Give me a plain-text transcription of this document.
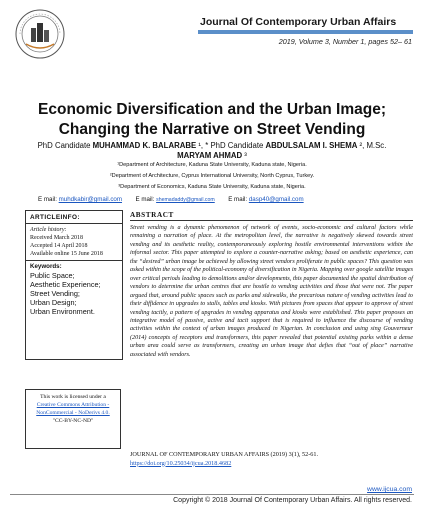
Journal Of Contemporary Urban Affairs
2019, Volume 3, Number 1, pages 52– 61
Economic Diversification and the Urban Image;
Changing the Narrative on Street Vending
PhD Candidate MUHAMMAD K. BALARABE ¹, * PhD Candidate ABDULSALAM I. SHEMA ², M.Sc.
MARYAM AHMAD ³
¹Department of Architecture, Kaduna State University, Kaduna state, Nigeria.
²Department of Architecture, Cyprus International University, North Cyprus, Turkey.
³Department of Economics, Kaduna State University, Kaduna state, Nigeria.
E mail: muhdkabir@gmail.com E mail: shemadaddy@gmail.com E mail: dasp40@gmail.com
ARTICLEINFO:
Article history:
Received March 2018
Accepted 14 April 2018
Available online 15 June 2018
Keywords:
Public Space;
Aesthetic Experience;
Street Vending;
Urban Design;
Urban Environment.
This work is licensed under a
Creative Commons Attribution -
NonCommercial - NoDerivs 4.0.
"CC-BY-NC-ND"
ABSTRACT
Street vending is a dynamic phenomenon of network of events, socio-economic and cultural factors while remaining a narration of place. At the metropolitan level, the narrative is negatively skewed towards street vending and its aesthetic reality, contemporaneously exploring hostile environmental interventions within the informal sector. This paper attempted to explore a counter-narrative asking; based on aesthetic experience, can the “desired” urban image be achieved by allowing street vendors proliferate in public spaces? This question was asked within the scope of the political-economy of diversification in Nigeria. Mapping over google satellite images over critical periods leading to demolitions and/or developments, this paper documented the spatial distribution of vendors to determine the urban centres that are hostile to vending activities and those that were not. The paper argued that, around public spaces such as parks and sidewalks, the precarious nature of vending activities lead to their diffidence in upgrades to stalls, tables and kiosks. With pictures from spaces that appear to approve of street vending tacitly, a pattern of upgrades in vending apparatus and kiosks were established. This paper proposes an integrative model of passive, active and tacit support that is required to influence the discourse of vending activities within the context of urban images produced in Nigerian. In conclusion and using sing Gouverneur (2014) concepts of receptors and transformers, this paper revealed that potential existing parks within a dense urban area could serve as transformers, creating an urban image that defies that “out of place” narrative associated with vendors.
JOURNAL OF CONTEMPORARY URBAN AFFAIRS (2019) 3(1), 52-61.
https://doi.org/10.25034/ijcua.2018.4682
www.ijcua.com
Copyright © 2018 Journal Of Contemporary Urban Affairs. All rights reserved.
